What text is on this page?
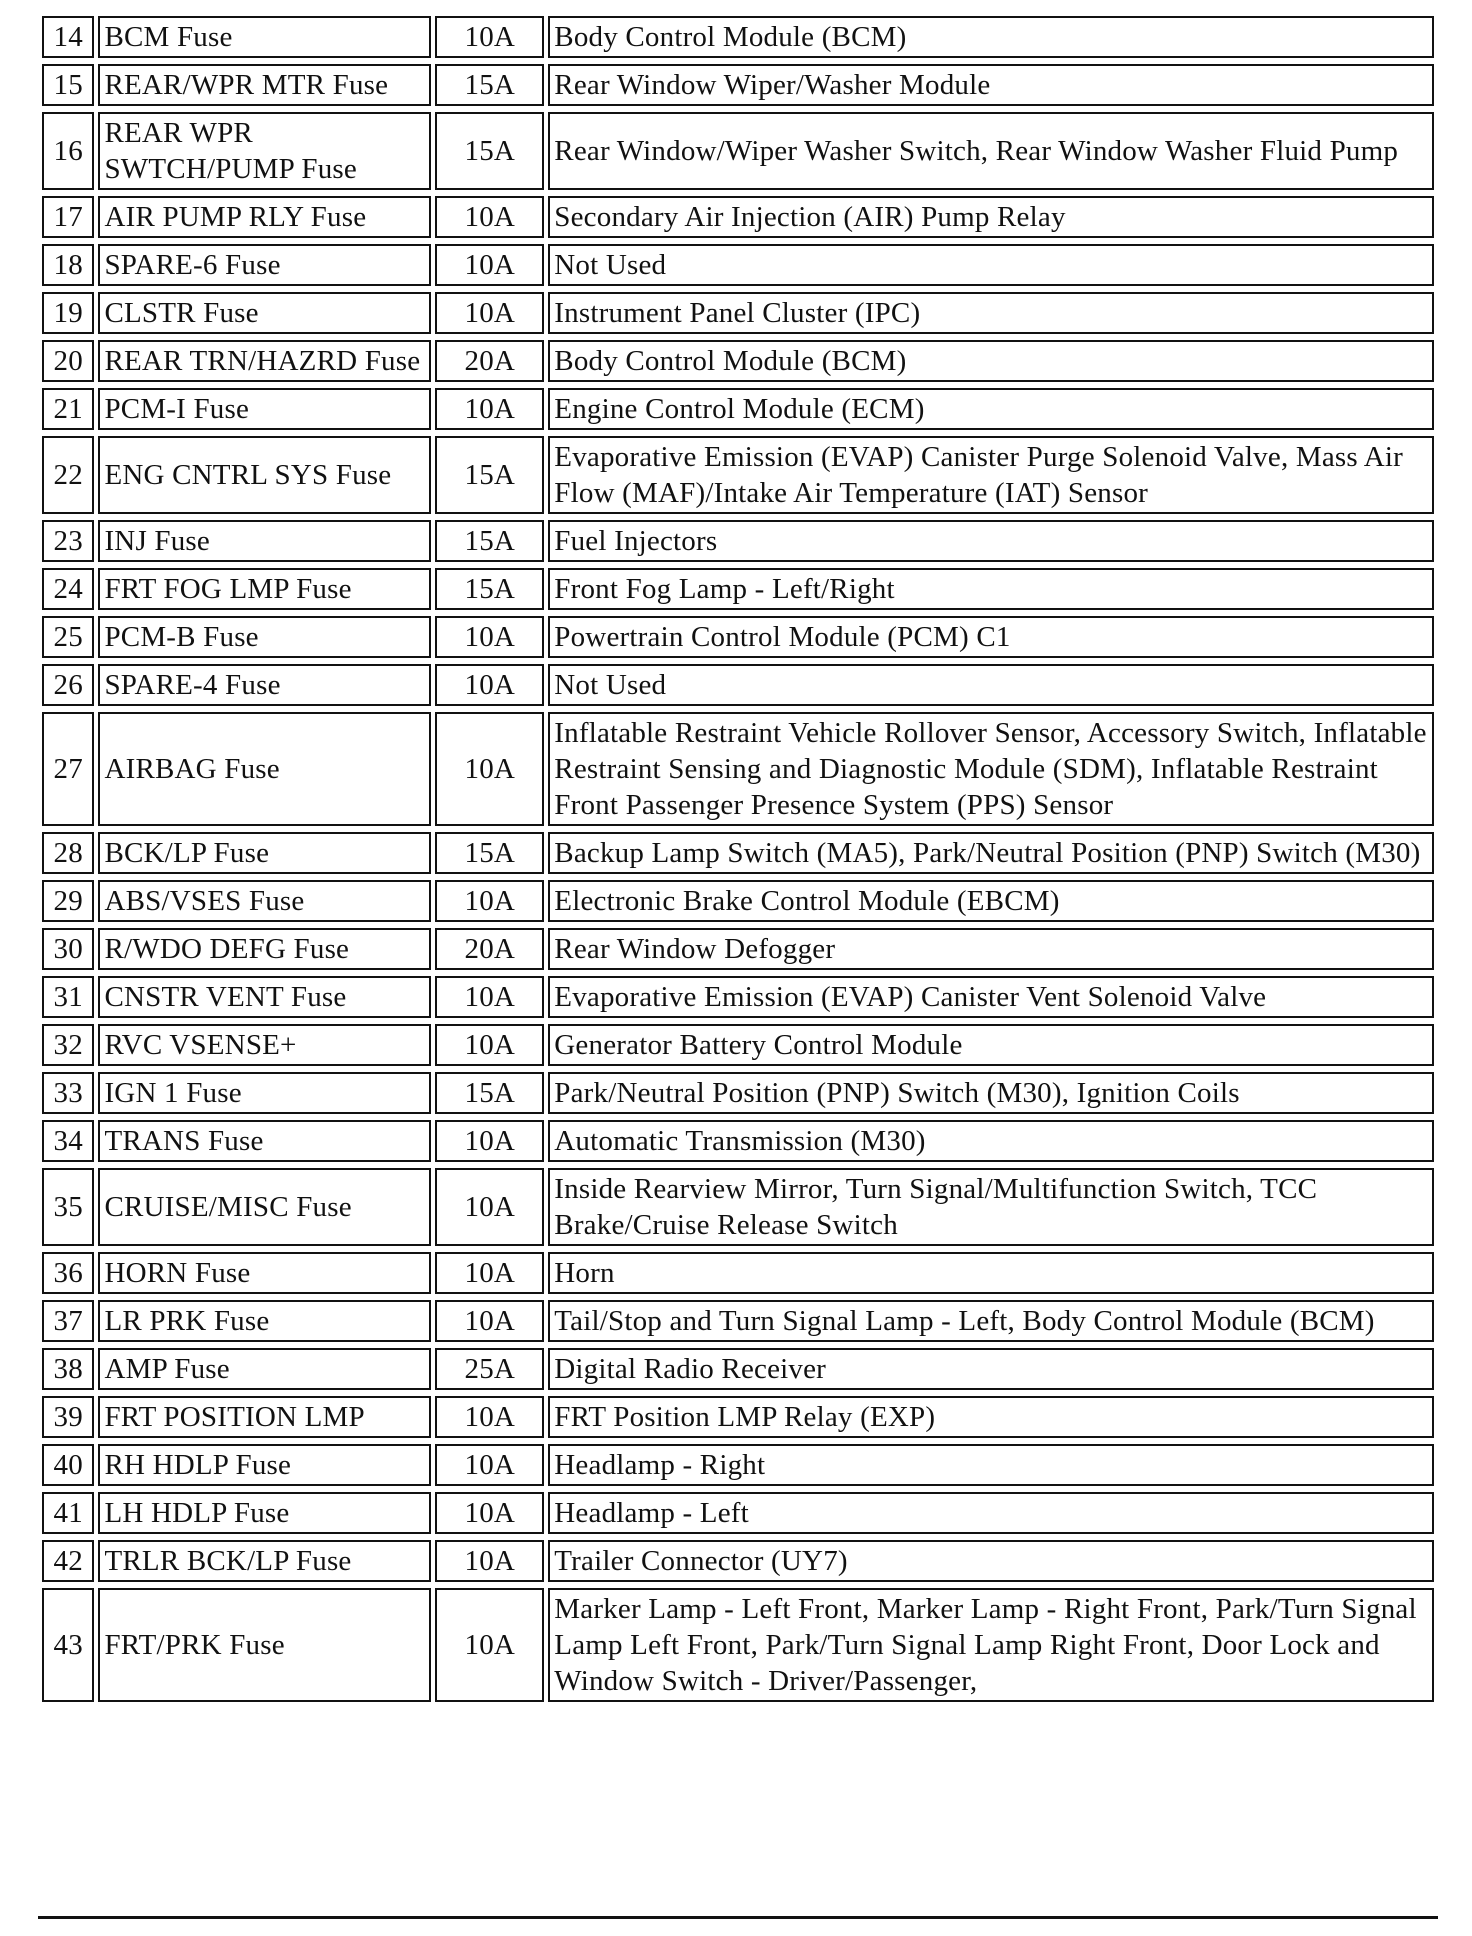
14	BCM Fuse	10A	Body Control Module (BCM)
15	REAR/WPR MTR Fuse	15A	Rear Window Wiper/Washer Module
16	REAR WPR SWTCH/PUMP Fuse	15A	Rear Window/Wiper Washer Switch, Rear Window Washer Fluid Pump
17	AIR PUMP RLY Fuse	10A	Secondary Air Injection (AIR) Pump Relay
18	SPARE-6 Fuse	10A	Not Used
19	CLSTR Fuse	10A	Instrument Panel Cluster (IPC)
20	REAR TRN/HAZRD Fuse	20A	Body Control Module (BCM)
21	PCM-I Fuse	10A	Engine Control Module (ECM)
22	ENG CNTRL SYS Fuse	15A	Evaporative Emission (EVAP) Canister Purge Solenoid Valve, Mass Air Flow (MAF)/Intake Air Temperature (IAT) Sensor
23	INJ Fuse	15A	Fuel Injectors
24	FRT FOG LMP Fuse	15A	Front Fog Lamp - Left/Right
25	PCM-B Fuse	10A	Powertrain Control Module (PCM) C1
26	SPARE-4 Fuse	10A	Not Used
27	AIRBAG Fuse	10A	Inflatable Restraint Vehicle Rollover Sensor, Accessory Switch, Inflatable Restraint Sensing and Diagnostic Module (SDM), Inflatable Restraint Front Passenger Presence System (PPS) Sensor
28	BCK/LP Fuse	15A	Backup Lamp Switch (MA5), Park/Neutral Position (PNP) Switch (M30)
29	ABS/VSES Fuse	10A	Electronic Brake Control Module (EBCM)
30	R/WDO DEFG Fuse	20A	Rear Window Defogger
31	CNSTR VENT Fuse	10A	Evaporative Emission (EVAP) Canister Vent Solenoid Valve
32	RVC VSENSE+	10A	Generator Battery Control Module
33	IGN 1 Fuse	15A	Park/Neutral Position (PNP) Switch (M30), Ignition Coils
34	TRANS Fuse	10A	Automatic Transmission (M30)
35	CRUISE/MISC Fuse	10A	Inside Rearview Mirror, Turn Signal/Multifunction Switch, TCC Brake/Cruise Release Switch
36	HORN Fuse	10A	Horn
37	LR PRK Fuse	10A	Tail/Stop and Turn Signal Lamp - Left, Body Control Module (BCM)
38	AMP Fuse	25A	Digital Radio Receiver
39	FRT POSITION LMP	10A	FRT Position LMP Relay (EXP)
40	RH HDLP Fuse	10A	Headlamp - Right
41	LH HDLP Fuse	10A	Headlamp - Left
42	TRLR BCK/LP Fuse	10A	Trailer Connector (UY7)
43	FRT/PRK Fuse	10A	Marker Lamp - Left Front, Marker Lamp - Right Front, Park/Turn Signal Lamp Left Front, Park/Turn Signal Lamp Right Front, Door Lock and Window Switch - Driver/Passenger,
